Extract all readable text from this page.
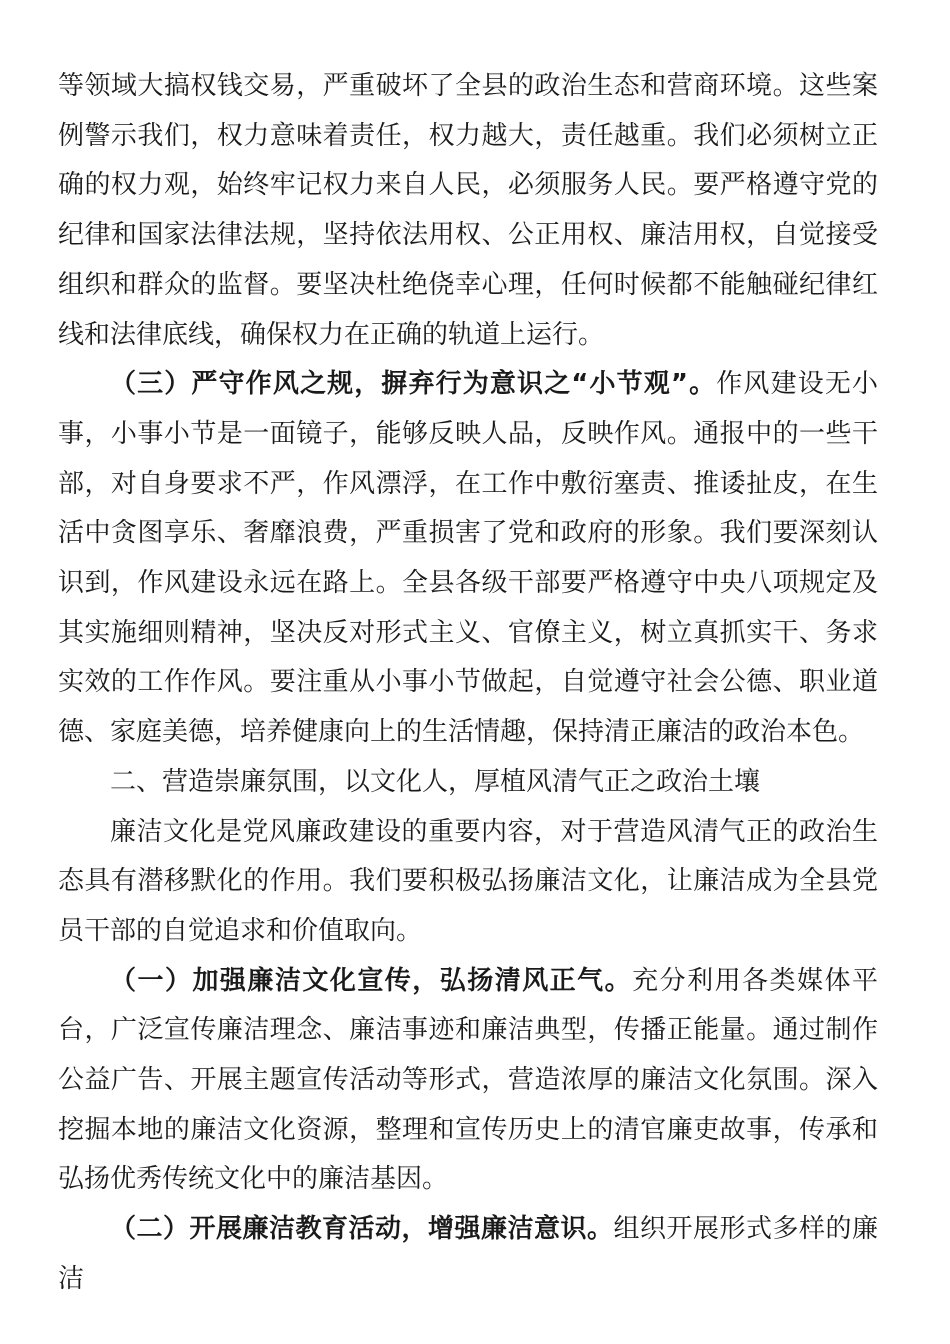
等领域大搞权钱交易，严重破坏了全县的政治生态和营商环境。这些案例警示我们，权力意味着责任，权力越大，责任越重。我们必须树立正确的权力观，始终牢记权力来自人民，必须服务人民。要严格遵守党的纪律和国家法律法规，坚持依法用权、公正用权、廉洁用权，自觉接受组织和群众的监督。要坚决杜绝侥幸心理，任何时候都不能触碰纪律红线和法律底线，确保权力在正确的轨道上运行。

（三）严守作风之规，摒弃行为意识之“小节观”。作风建设无小事，小事小节是一面镜子，能够反映人品，反映作风。通报中的一些干部，对自身要求不严，作风漂浮，在工作中敷衍塞责、推诿扯皮，在生活中贪图享乐、奢靡浪费，严重损害了党和政府的形象。我们要深刻认识到，作风建设永远在路上。全县各级干部要严格遵守中央八项规定及其实施细则精神，坚决反对形式主义、官僚主义，树立真抓实干、务求实效的工作作风。要注重从小事小节做起，自觉遵守社会公德、职业道德、家庭美德，培养健康向上的生活情趣，保持清正廉洁的政治本色。

二、营造崇廉氛围，以文化人，厚植风清气正之政治土壤

廉洁文化是党风廉政建设的重要内容，对于营造风清气正的政治生态具有潜移默化的作用。我们要积极弘扬廉洁文化，让廉洁成为全县党员干部的自觉追求和价值取向。

（一）加强廉洁文化宣传，弘扬清风正气。充分利用各类媒体平台，广泛宣传廉洁理念、廉洁事迹和廉洁典型，传播正能量。通过制作公益广告、开展主题宣传活动等形式，营造浓厚的廉洁文化氛围。深入挖掘本地的廉洁文化资源，整理和宣传历史上的清官廉吏故事，传承和弘扬优秀传统文化中的廉洁基因。

（二）开展廉洁教育活动，增强廉洁意识。组织开展形式多样的廉洁
